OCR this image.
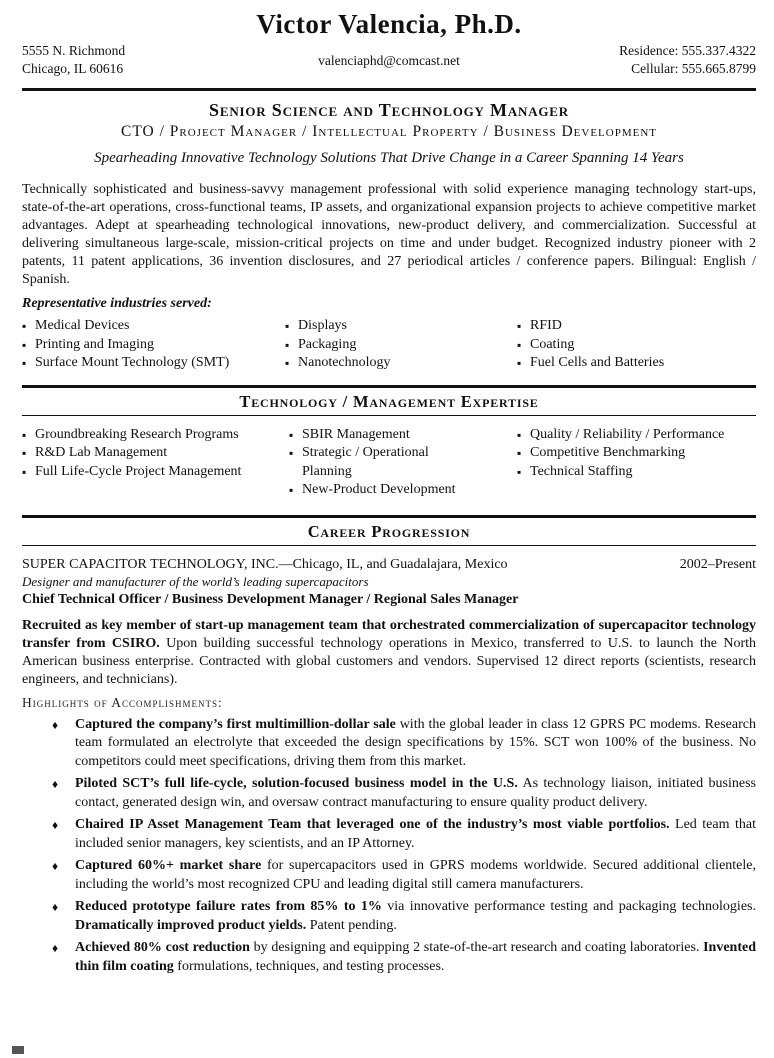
Victor Valencia, Ph.D.
5555 N. Richmond
Chicago, IL 60616
valenciaphd@comcast.net
Residence: 555.337.4322
Cellular: 555.665.8799
Senior Science and Technology Manager
CTO / Project Manager / Intellectual Property / Business Development
Spearheading Innovative Technology Solutions That Drive Change in a Career Spanning 14 Years
Technically sophisticated and business-savvy management professional with solid experience managing technology start-ups, state-of-the-art operations, cross-functional teams, IP assets, and organizational expansion projects to achieve competitive market advantages. Adept at spearheading technological innovations, new-product delivery, and commercialization. Successful at delivering simultaneous large-scale, mission-critical projects on time and under budget. Recognized industry pioneer with 2 patents, 11 patent applications, 36 invention disclosures, and 27 periodical articles / conference papers. Bilingual: English / Spanish.
Representative industries served:
▪ Medical Devices
▪ Printing and Imaging
▪ Surface Mount Technology (SMT)
▪ Displays
▪ Packaging
▪ Nanotechnology
▪ RFID
▪ Coating
▪ Fuel Cells and Batteries
Technology / Management Expertise
▪ Groundbreaking Research Programs
▪ R&D Lab Management
▪ Full Life-Cycle Project Management
▪ SBIR Management
▪ Strategic / Operational Planning
▪ New-Product Development
▪ Quality / Reliability / Performance
▪ Competitive Benchmarking
▪ Technical Staffing
Career Progression
SUPER CAPACITOR TECHNOLOGY, INC.—Chicago, IL, and Guadalajara, Mexico	2002–Present
Designer and manufacturer of the world’s leading supercapacitors
Chief Technical Officer / Business Development Manager / Regional Sales Manager
Recruited as key member of start-up management team that orchestrated commercialization of supercapacitor technology transfer from CSIRO. Upon building successful technology operations in Mexico, transferred to U.S. to launch the North American business enterprise. Contracted with global customers and vendors. Supervised 12 direct reports (scientists, research engineers, and technicians).
Highlights of Accomplishments:
♦ Captured the company’s first multimillion-dollar sale with the global leader in class 12 GPRS PC modems. Research team formulated an electrolyte that exceeded the design specifications by 15%. SCT won 100% of the business. No competitors could meet specifications, driving them from this market.
♦ Piloted SCT’s full life-cycle, solution-focused business model in the U.S. As technology liaison, initiated business contact, generated design win, and oversaw contract manufacturing to ensure quality product delivery.
♦ Chaired IP Asset Management Team that leveraged one of the industry’s most viable portfolios. Led team that included senior managers, key scientists, and an IP Attorney.
♦ Captured 60%+ market share for supercapacitors used in GPRS modems worldwide. Secured additional clientele, including the world’s most recognized CPU and leading digital still camera manufacturers.
♦ Reduced prototype failure rates from 85% to 1% via innovative performance testing and packaging technologies. Dramatically improved product yields. Patent pending.
♦ Achieved 80% cost reduction by designing and equipping 2 state-of-the-art research and coating laboratories. Invented thin film coating formulations, techniques, and testing processes.
